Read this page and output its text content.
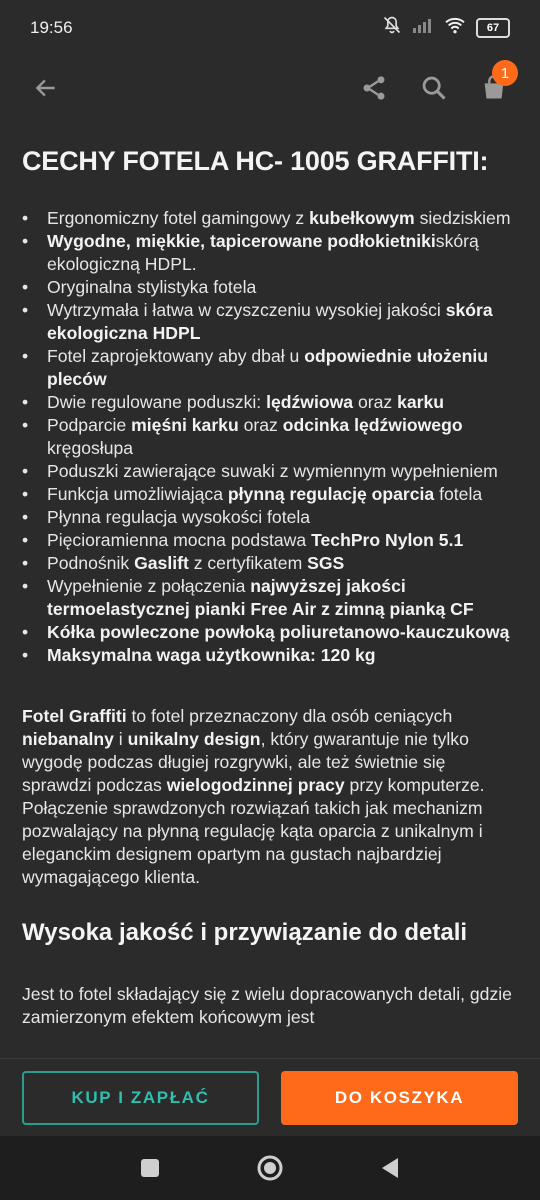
19:56	67
1
CECHY FOTELA HC- 1005 GRAFFITI:
• Ergonomiczny fotel gamingowy z kubełkowym siedziskiem
• Wygodne, miękkie, tapicerowane podłokietnikiskórą ekologiczną HDPL.
• Oryginalna stylistyka fotela
• Wytrzymała i łatwa w czyszczeniu wysokiej jakości skóra ekologiczna HDPL
• Fotel zaprojektowany aby dbał u odpowiednie ułożeniu pleców
• Dwie regulowane poduszki: lędźwiowa oraz karku
• Podparcie mięśni karku oraz odcinka lędźwiowego kręgosłupa
• Poduszki zawierające suwaki z wymiennym wypełnieniem
• Funkcja umożliwiająca płynną regulację oparcia fotela
• Płynna regulacja wysokości fotela
• Pięcioramienna mocna podstawa TechPro Nylon 5.1
• Podnośnik Gaslift z certyfikatem SGS
• Wypełnienie z połączenia najwyższej jakości termoelastycznej pianki Free Air z zimną pianką CF
• Kółka powleczone powłoką poliuretanowo-kauczukową
• Maksymalna waga użytkownika: 120 kg

Fotel Graffiti to fotel przeznaczony dla osób ceniących niebanalny i unikalny design, który gwarantuje nie tylko wygodę podczas długiej rozgrywki, ale też świetnie się sprawdzi podczas wielogodzinnej pracy przy komputerze. Połączenie sprawdzonych rozwiązań takich jak mechanizm pozwalający na płynną regulację kąta oparcia z unikalnym i eleganckim designem opartym na gustach najbardziej wymagającego klienta.

Wysoka jakość i przywiązanie do detali

Jest to fotel składający się z wielu dopracowanych detali, gdzie zamierzonym efektem końcowym jest

KUP I ZAPŁAĆ	DO KOSZYKA
